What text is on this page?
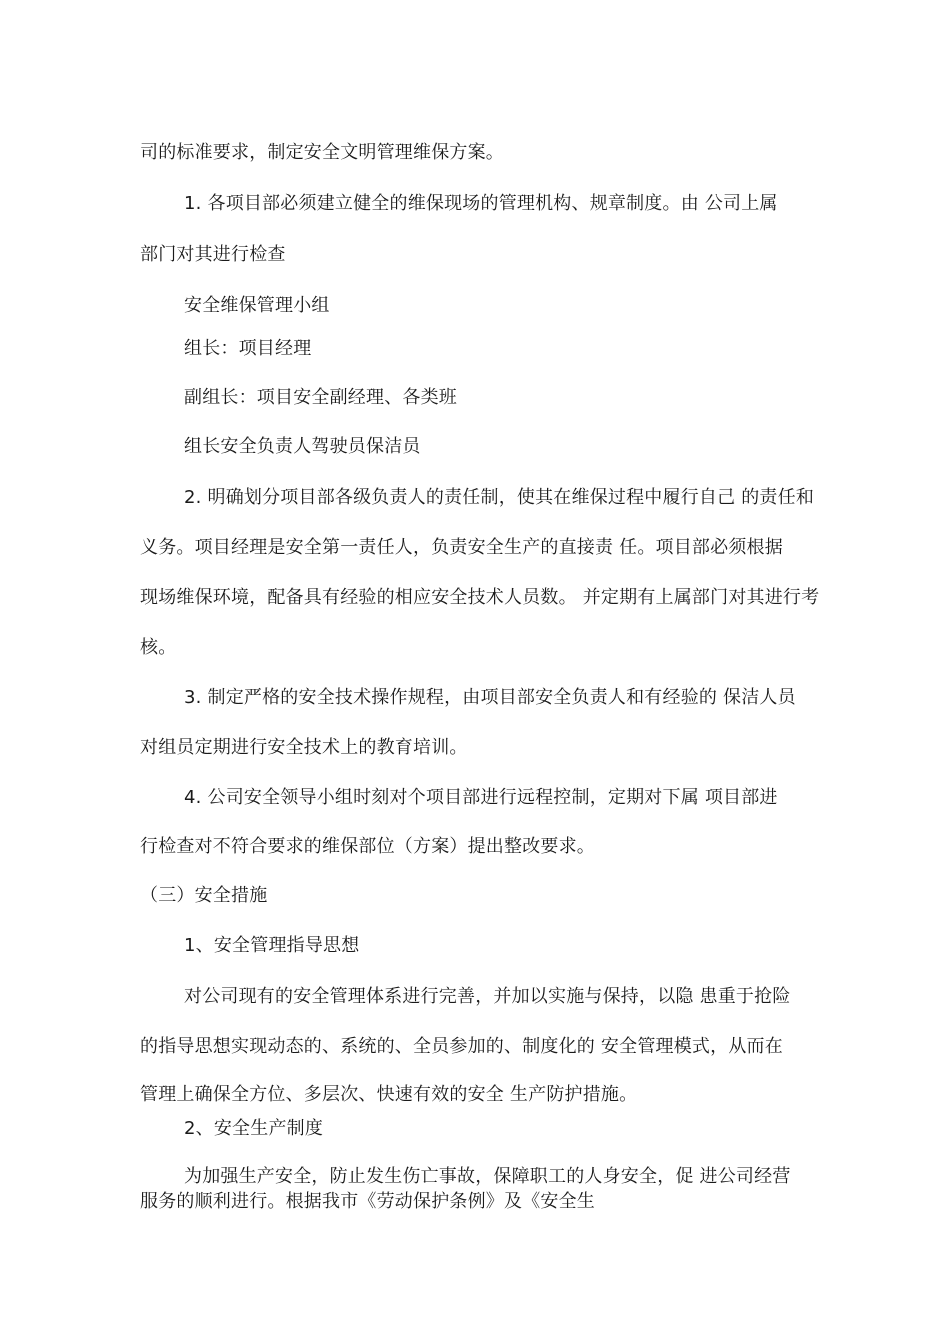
司的标准要求，制定安全文明管理维保方案。
1. 各项目部必须建立健全的维保现场的管理机构、规章制度。由 公司上属
部门对其进行检查
安全维保管理小组
组长：项目经理
副组长：项目安全副经理、各类班
组长安全负责人驾驶员保洁员
2. 明确划分项目部各级负责人的责任制，使其在维保过程中履行自己 的责任和
义务。项目经理是安全第一责任人，负责安全生产的直接责 任。项目部必须根据
现场维保环境，配备具有经验的相应安全技术人员数。 并定期有上属部门对其进行考
核。
3. 制定严格的安全技术操作规程，由项目部安全负责人和有经验的 保洁人员
对组员定期进行安全技术上的教育培训。
4. 公司安全领导小组时刻对个项目部进行远程控制，定期对下属 项目部进
行检查对不符合要求的维保部位（方案）提出整改要求。
（三）安全措施
1、安全管理指导思想
对公司现有的安全管理体系进行完善，并加以实施与保持，以隐 患重于抢险
的指导思想实现动态的、系统的、全员参加的、制度化的 安全管理模式，从而在
管理上确保全方位、多层次、快速有效的安全 生产防护措施。
2、安全生产制度
为加强生产安全，防止发生伤亡事故，保障职工的人身安全，促 进公司经营
服务的顺利进行。根据我市《劳动保护条例》及《安全生
